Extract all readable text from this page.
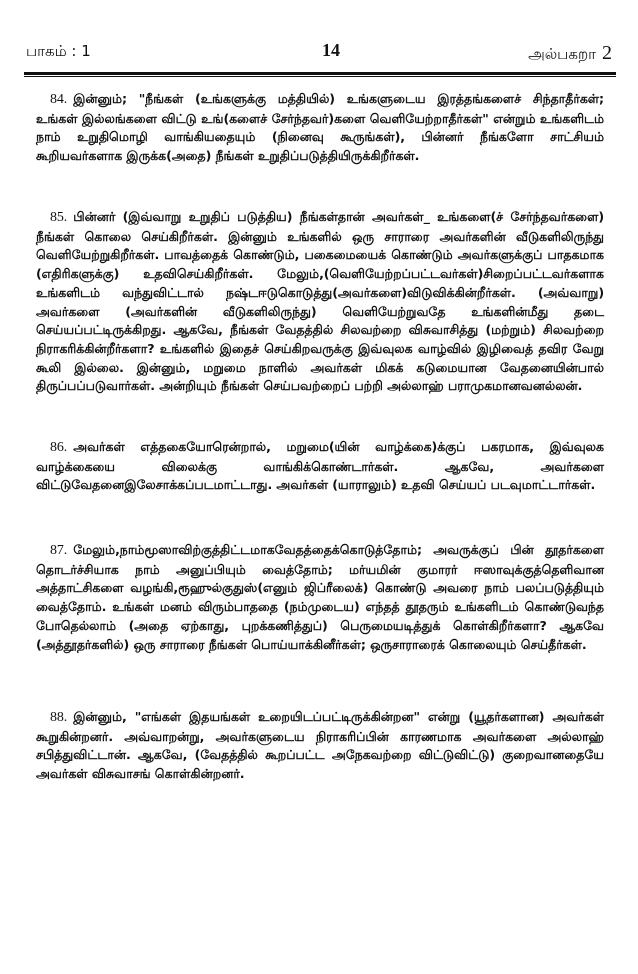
பாகம் : 1	14	அல்பகறா 2

84. இன்னும்; "நீங்கள் (உங்களுக்கு மத்தியில்) உங்களுடைய இரத்தங்களைச் சிந்தாதீர்கள்; உங்கள் இல்லங்களை விட்டு உங்(களைச் சேர்ந்தவர்)களை வெளியேற்றாதீர்கள்" என்றும் உங்களிடம் நாம் உறுதிமொழி வாங்கியதையும் (நினைவு கூருங்கள்), பின்னர் நீங்களோ சாட்சியம் கூறியவர்களாக இருக்க(அதை) நீங்கள் உறுதிப்படுத்தியிருக்கிறீர்கள்.

85. பின்னர் (இவ்வாறு உறுதிப் படுத்திய) நீங்கள்தான் அவர்கள்_ உங்களை(ச் சேர்ந்தவர்களை) நீங்கள் கொலை செய்கிறீர்கள். இன்னும் உங்களில் ஒரு சாராரை அவர்களின் வீடுகளிலிருந்து வெளியேற்றுகிறீர்கள். பாவத்தைக் கொண்டும், பகைமையைக் கொண்டும் அவர்களுக்குப் பாதகமாக (எதிரிகளுக்கு) உதவிசெய்கிறீர்கள். மேலும்,(வெளியேற்றப்பட்டவர்கள்)சிறைப்பட்டவர்களாக உங்களிடம் வந்துவிட்டால் நஷ்டஈடுகொடுத்து(அவர்களை)விடுவிக்கின்றீர்கள். (அவ்வாறு) அவர்களை (அவர்களின் வீடுகளிலிருந்து) வெளியேற்றுவதே உங்களின்மீது தடை செய்யப்பட்டிருக்கிறது. ஆகவே, நீங்கள் வேதத்தில் சிலவற்றை விசுவாசித்து (மற்றும்) சிலவற்றை நிராகரிக்கின்றீர்களா? உங்களில் இதைச் செய்கிறவருக்கு இவ்வுலக வாழ்வில் இழிவைத் தவிர வேறு கூலி இல்லை. இன்னும், மறுமை நாளில் அவர்கள் மிகக் கடுமையான வேதனையின்பால் திருப்பப்படுவார்கள். அன்றியும் நீங்கள் செய்பவற்றைப் பற்றி அல்லாஹ் பராமுகமானவனல்லன்.

86. அவர்கள் எத்தகையோரென்றால், மறுமை(யின் வாழ்க்கை)க்குப் பகரமாக, இவ்வுலக வாழ்க்கையை விலைக்கு வாங்கிக்கொண்டார்கள். ஆகவே, அவர்களை விட்டுவேதனைஇலேசாக்கப்படமாட்டாது. அவர்கள் (யாராலும்) உதவி செய்யப் படவுமாட்டார்கள்.

87. மேலும்,நாம்மூஸாவிற்குத்திட்டமாகவேதத்தைக்கொடுத்தோம்; அவருக்குப் பின் தூதர்களை தொடர்ச்சியாக நாம் அனுப்பியும் வைத்தோம்; மர்யமின் குமாரர் ஈஸாவுக்குத்தெளிவான அத்தாட்சிகளை வழங்கி,ரூஹுல்குதுஸ்(எனும் ஜிப்ரீலைக்) கொண்டு அவரை நாம் பலப்படுத்தியும் வைத்தோம். உங்கள் மனம் விரும்பாததை (நம்முடைய) எந்தத் தூதரும் உங்களிடம் கொண்டுவந்த போதெல்லாம் (அதை ஏற்காது, புறக்கணித்துப்) பெருமையடித்துக் கொள்கிறீர்களா? ஆகவே (அத்தூதர்களில்) ஒரு சாராரை நீங்கள் பொய்யாக்கினீர்கள்; ஒருசாராரைக் கொலையும் செய்தீர்கள்.

88. இன்னும், "எங்கள் இதயங்கள் உறையிடப்பட்டிருக்கின்றன" என்று (யூதர்களான) அவர்கள் கூறுகின்றனர். அவ்வாறன்று, அவர்களுடைய நிராகரிப்பின் காரணமாக அவர்களை அல்லாஹ் சபித்துவிட்டான். ஆகவே, (வேதத்தில் கூறப்பட்ட அநேகவற்றை விட்டுவிட்டு) குறைவானதையே அவர்கள் விசுவாசங் கொள்கின்றனர்.
